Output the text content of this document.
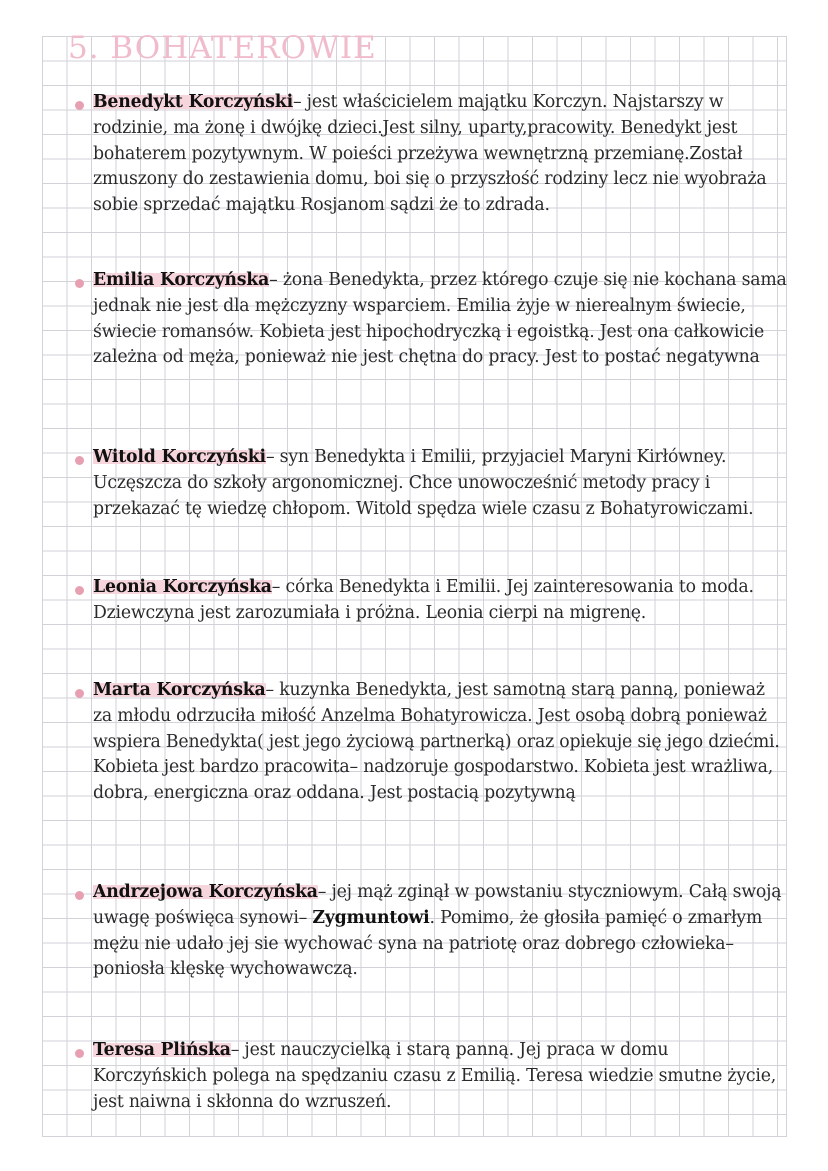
5. BOHATEROWIE
Benedykt Korczyński– jest właścicielem majątku Korczyn. Najstarszy w rodzinie, ma żonę i dwójkę dzieci.Jest silny, uparty,pracowity. Benedykt jest bohaterem pozytywnym. W poieści przeżywa wewnętrzną przemianę.Został zmuszony do zestawienia domu, boi się o przyszłość rodziny lecz nie wyobraża sobie sprzedać majątku Rosjanom sądzi że to zdrada.
Emilia Korczyńska– żona Benedykta, przez którego czuje się nie kochana sama jednak nie jest dla mężczyzny wsparciem. Emilia żyje w nierealnym świecie, świecie romansów. Kobieta jest hipochodryczką i egoistką. Jest ona całkowicie zależna od męża, ponieważ nie jest chętna do pracy. Jest to postać negatywna
Witold Korczyński– syn Benedykta i Emilii, przyjaciel Maryni Kirłówney. Uczęszcza do szkoły argonomicznej. Chce unowocześnić metody pracy i przekazać tę wiedzę chłopom. Witold spędza wiele czasu z Bohatyrowiczami.
Leonia Korczyńska– córka Benedykta i Emilii. Jej zainteresowania to moda. Dziewczyna jest zarozumiała i próżna. Leonia cierpi na migrenę.
Marta Korczyńska– kuzynka Benedykta, jest samotną starą panną, ponieważ za młodu odrzuciła miłość Anzelma Bohatyrowicza. Jest osobą dobrą ponieważ wspiera Benedykta( jest jego życiową partnerką) oraz opiekuje się jego dziećmi. Kobieta jest bardzo pracowita– nadzoruje gospodarstwo. Kobieta jest wrażliwa, dobra, energiczna oraz oddana. Jest postacią pozytywną
Andrzejowa Korczyńska– jej mąż zginął w powstaniu styczniowym. Całą swoją uwagę poświęca synowi– Zygmuntowi. Pomimo, że głosiła pamięć o zmarłym mężu nie udało jej sie wychować syna na patriotę oraz dobrego człowieka– poniosła klęskę wychowawczą.
Teresa Plińska– jest nauczycielką i starą panną. Jej praca w domu Korczyńskich polega na spędzaniu czasu z Emilią. Teresa wiedzie smutne życie, jest naiwna i skłonna do wzruszeń.
